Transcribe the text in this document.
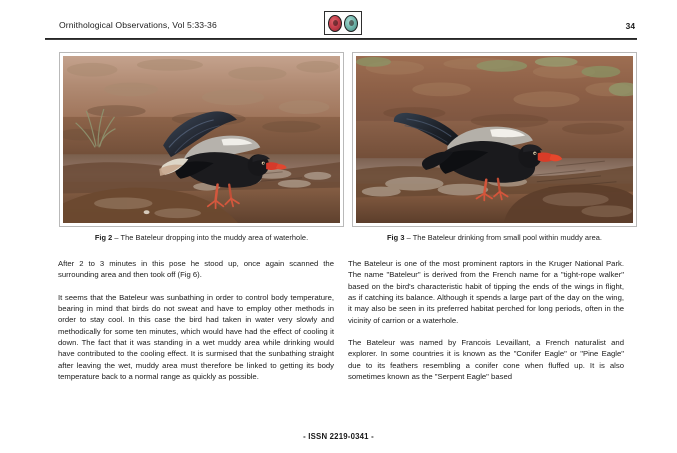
Ornithological Observations, Vol 5:33-36	34
Fig 2 – The Bateleur dropping into the muddy area of waterhole.	Fig 3 – The Bateleur drinking from small pool within muddy area.

After 2 to 3 minutes in this pose he stood up, once again scanned the surrounding area and then took off (Fig 6).

It seems that the Bateleur was sunbathing in order to control body temperature, bearing in mind that birds do not sweat and have to employ other methods in order to stay cool. In this case the bird had taken in water very slowly and methodically for some ten minutes, which would have had the effect of cooling it down. The fact that it was standing in a wet muddy area while drinking would have contributed to the cooling effect. It is surmised that the sunbathing straight after leaving the wet, muddy area must therefore be linked to getting its body temperature back to a normal range as quickly as possible.

The Bateleur is one of the most prominent raptors in the Kruger National Park. The name "Bateleur" is derived from the French name for a "tight-rope walker" based on the bird's characteristic habit of tipping the ends of the wings in flight, as if catching its balance. Although it spends a large part of the day on the wing, it may also be seen in its preferred habitat perched for long periods, often in the vicinity of carrion or a waterhole.

The Bateleur was named by Francois Levaillant, a French naturalist and explorer. In some countries it is known as the "Conifer Eagle" or "Pine Eagle" due to its feathers resembling a conifer cone when fluffed up. It is also sometimes known as the "Serpent Eagle" based

- ISSN 2219-0341 -
